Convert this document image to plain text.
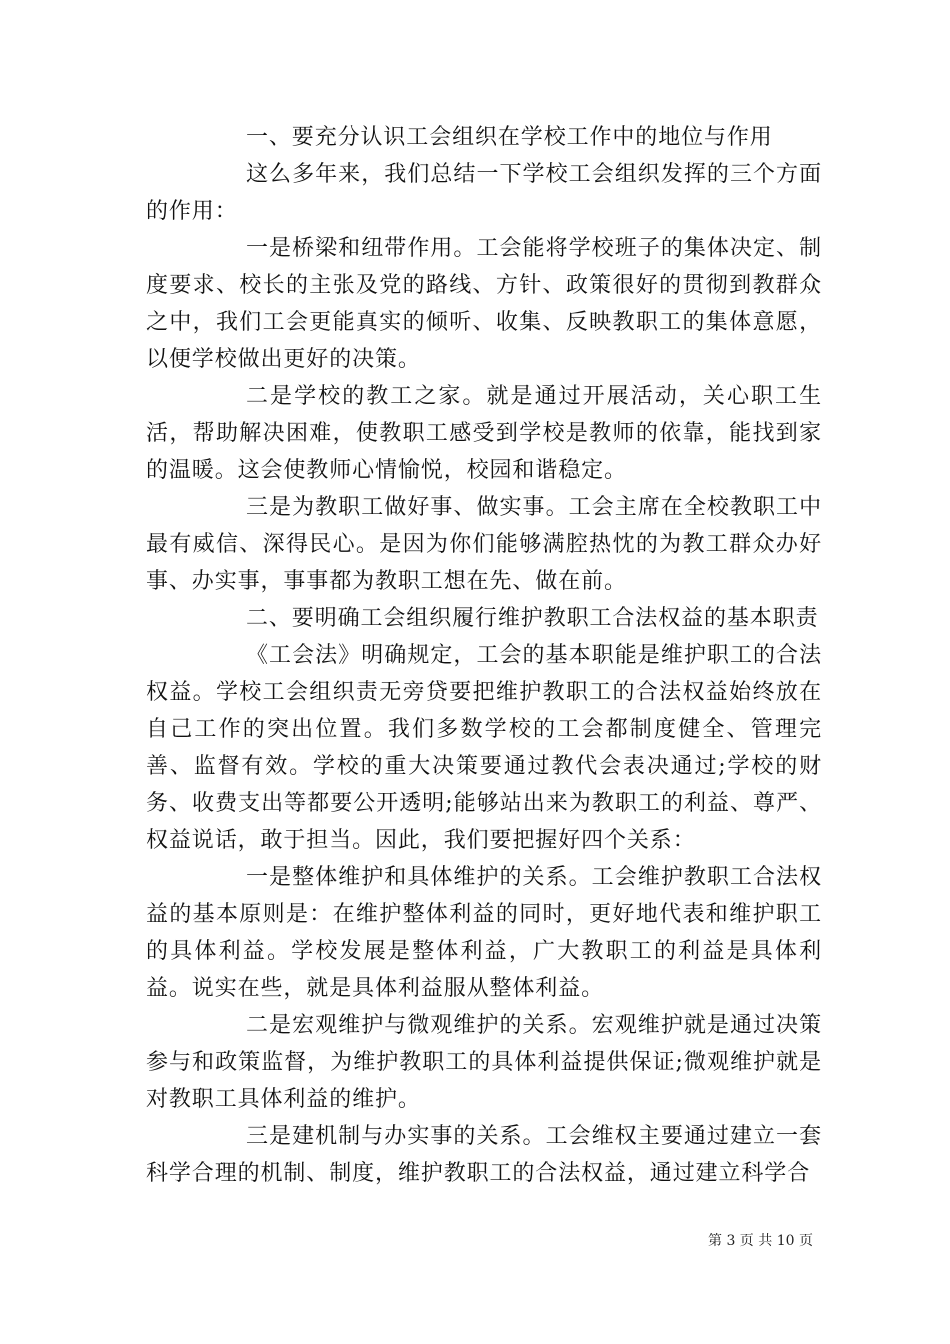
一、要充分认识工会组织在学校工作中的地位与作用

这么多年来，我们总结一下学校工会组织发挥的三个方面的作用：

一是桥梁和纽带作用。工会能将学校班子的集体决定、制度要求、校长的主张及党的路线、方针、政策很好的贯彻到教群众之中，我们工会更能真实的倾听、收集、反映教职工的集体意愿，以便学校做出更好的决策。

二是学校的教工之家。就是通过开展活动，关心职工生活，帮助解决困难，使教职工感受到学校是教师的依靠，能找到家的温暖。这会使教师心情愉悦，校园和谐稳定。

三是为教职工做好事、做实事。工会主席在全校教职工中最有威信、深得民心。是因为你们能够满腔热忱的为教工群众办好事、办实事，事事都为教职工想在先、做在前。

二、要明确工会组织履行维护教职工合法权益的基本职责

《工会法》明确规定，工会的基本职能是维护职工的合法权益。学校工会组织责无旁贷要把维护教职工的合法权益始终放在自己工作的突出位置。我们多数学校的工会都制度健全、管理完善、监督有效。学校的重大决策要通过教代会表决通过;学校的财务、收费支出等都要公开透明;能够站出来为教职工的利益、尊严、权益说话，敢于担当。因此，我们要把握好四个关系：

一是整体维护和具体维护的关系。工会维护教职工合法权益的基本原则是：在维护整体利益的同时，更好地代表和维护职工的具体利益。学校发展是整体利益，广大教职工的利益是具体利益。说实在些，就是具体利益服从整体利益。

二是宏观维护与微观维护的关系。宏观维护就是通过决策参与和政策监督，为维护教职工的具体利益提供保证;微观维护就是对教职工具体利益的维护。

三是建机制与办实事的关系。工会维权主要通过建立一套科学合理的机制、制度，维护教职工的合法权益，通过建立科学合

第 3 页 共 10 页
